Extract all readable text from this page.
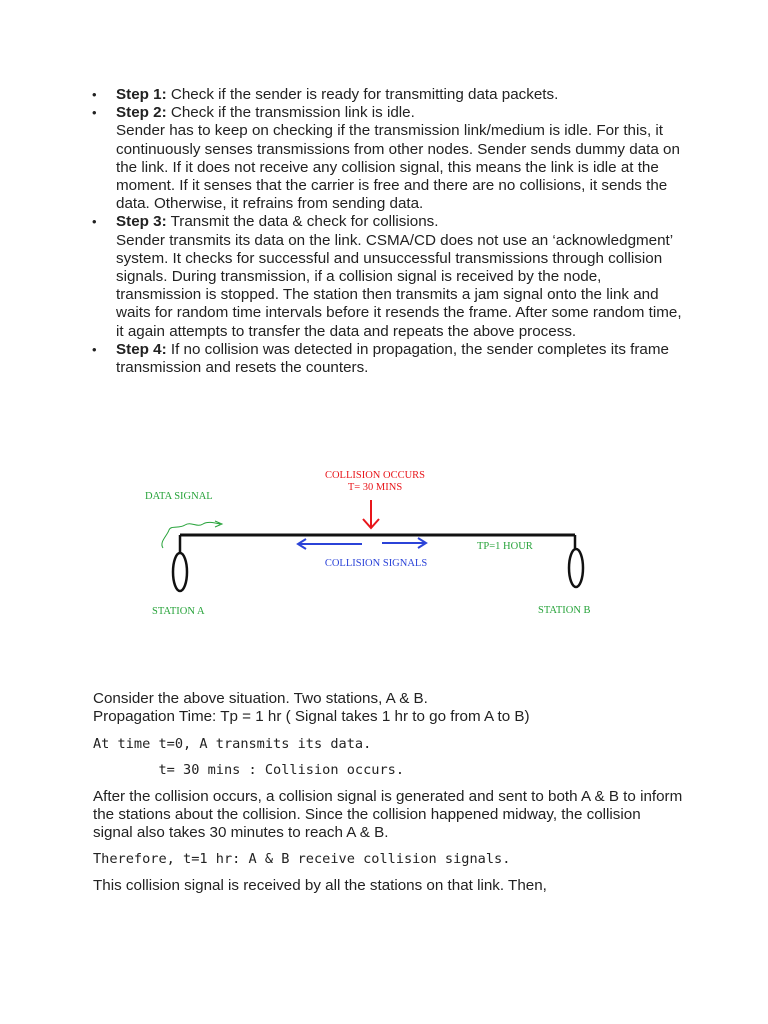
• Step 1: Check if the sender is ready for transmitting data packets.
• Step 2: Check if the transmission link is idle.
Sender has to keep on checking if the transmission link/medium is idle. For this, it continuously senses transmissions from other nodes. Sender sends dummy data on the link. If it does not receive any collision signal, this means the link is idle at the moment. If it senses that the carrier is free and there are no collisions, it sends the data. Otherwise, it refrains from sending data.
• Step 3: Transmit the data & check for collisions.
Sender transmits its data on the link. CSMA/CD does not use an ‘acknowledgment’ system. It checks for successful and unsuccessful transmissions through collision signals. During transmission, if a collision signal is received by the node, transmission is stopped. The station then transmits a jam signal onto the link and waits for random time intervals before it resends the frame. After some random time, it again attempts to transfer the data and repeats the above process.
• Step 4: If no collision was detected in propagation, the sender completes its frame transmission and resets the counters.
COLLISION OCCURS
T= 30 MINS
DATA SIGNAL
COLLISION SIGNALS
TP=1 HOUR
STATION A	STATION B

Consider the above situation. Two stations, A & B.

Propagation Time: Tp = 1 hr ( Signal takes 1 hr to go from A to B)

At time t=0, A transmits its data.
t= 30 mins : Collision occurs.

After the collision occurs, a collision signal is generated and sent to both A & B to inform the stations about the collision. Since the collision happened midway, the collision signal also takes 30 minutes to reach A & B.

Therefore, t=1 hr: A & B receive collision signals.

This collision signal is received by all the stations on that link. Then,
